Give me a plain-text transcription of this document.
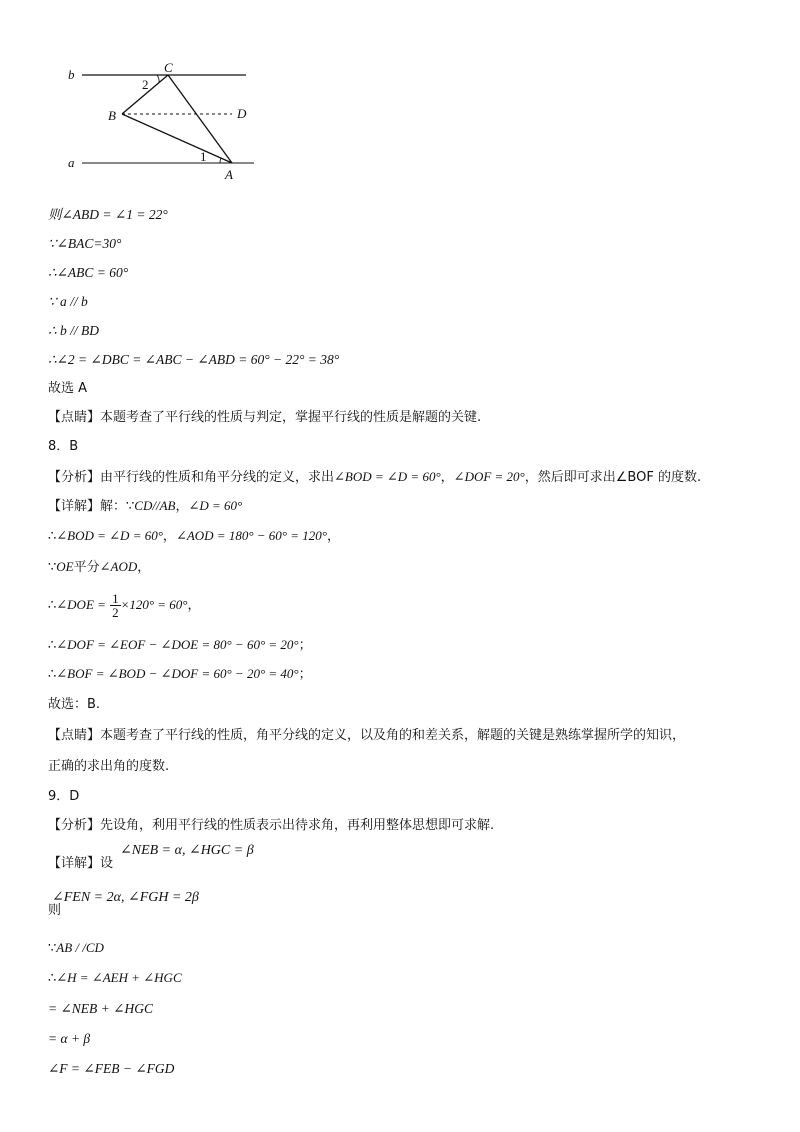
b	C
2
B	D
a	1
A
则∠ABD = ∠1 = 22°
∵∠BAC=30°
∴∠ABC = 60°
∵ a // b
∴ b // BD
∴∠2 = ∠DBC = ∠ABC − ∠ABD = 60° − 22° = 38°
故选 A
【点睛】本题考查了平行线的性质与判定，掌握平行线的性质是解题的关键.
8．B
【分析】由平行线的性质和角平分线的定义，求出∠BOD = ∠D = 60°，∠DOF = 20°，然后即可求出∠BOF 的度数.
【详解】解：∵CD//AB，∠D = 60°
∴∠BOD = ∠D = 60°，∠AOD = 180° − 60° = 120°，
∵OE平分∠AOD，
∴∠DOE = $\frac{1}{2} \times 120^\circ = 60^\circ$，
∴∠DOF = ∠EOF − ∠DOE = 80° − 60° = 20°；
∴∠BOF = ∠BOD − ∠DOF = 60° − 20° = 40°；
故选：B.
【点睛】本题考查了平行线的性质，角平分线的定义，以及角的和差关系，解题的关键是熟练掌握所学的知识，
正确的求出角的度数.
9．D
【分析】先设角，利用平行线的性质表示出待求角，再利用整体思想即可求解.
【详解】设
∠NEB = α, ∠HGC = β
则
∠FEN = 2α, ∠FGH = 2β
∵AB / /CD
∴∠H = ∠AEH + ∠HGC
= ∠NEB + ∠HGC
= α + β
∠F = ∠FEB − ∠FGD
